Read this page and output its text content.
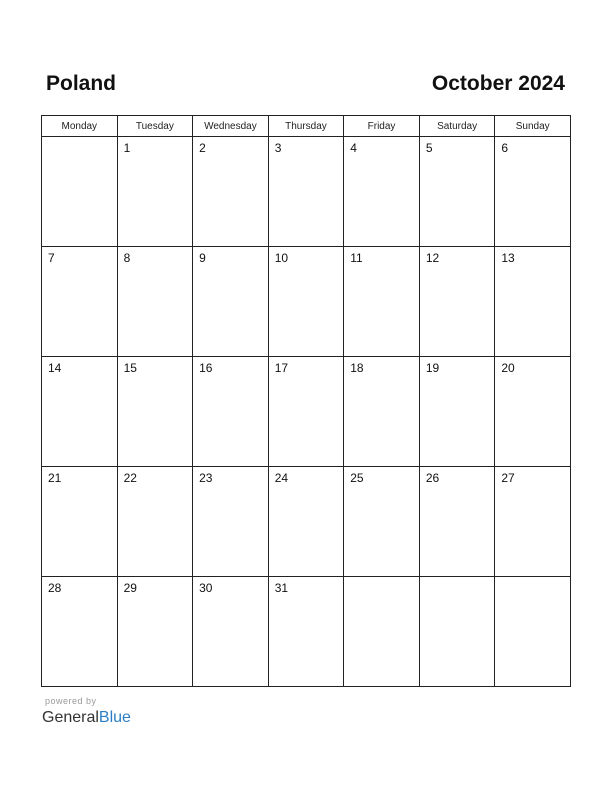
Poland	October 2024
Monday	Tuesday	Wednesday	Thursday	Friday	Saturday	Sunday

	1	2	3	4	5	6

7	8	9	10	11	12	13

14	15	16	17	18	19	20

21	22	23	24	25	26	27

28	29	30	31			

powered by
GeneralBlue
